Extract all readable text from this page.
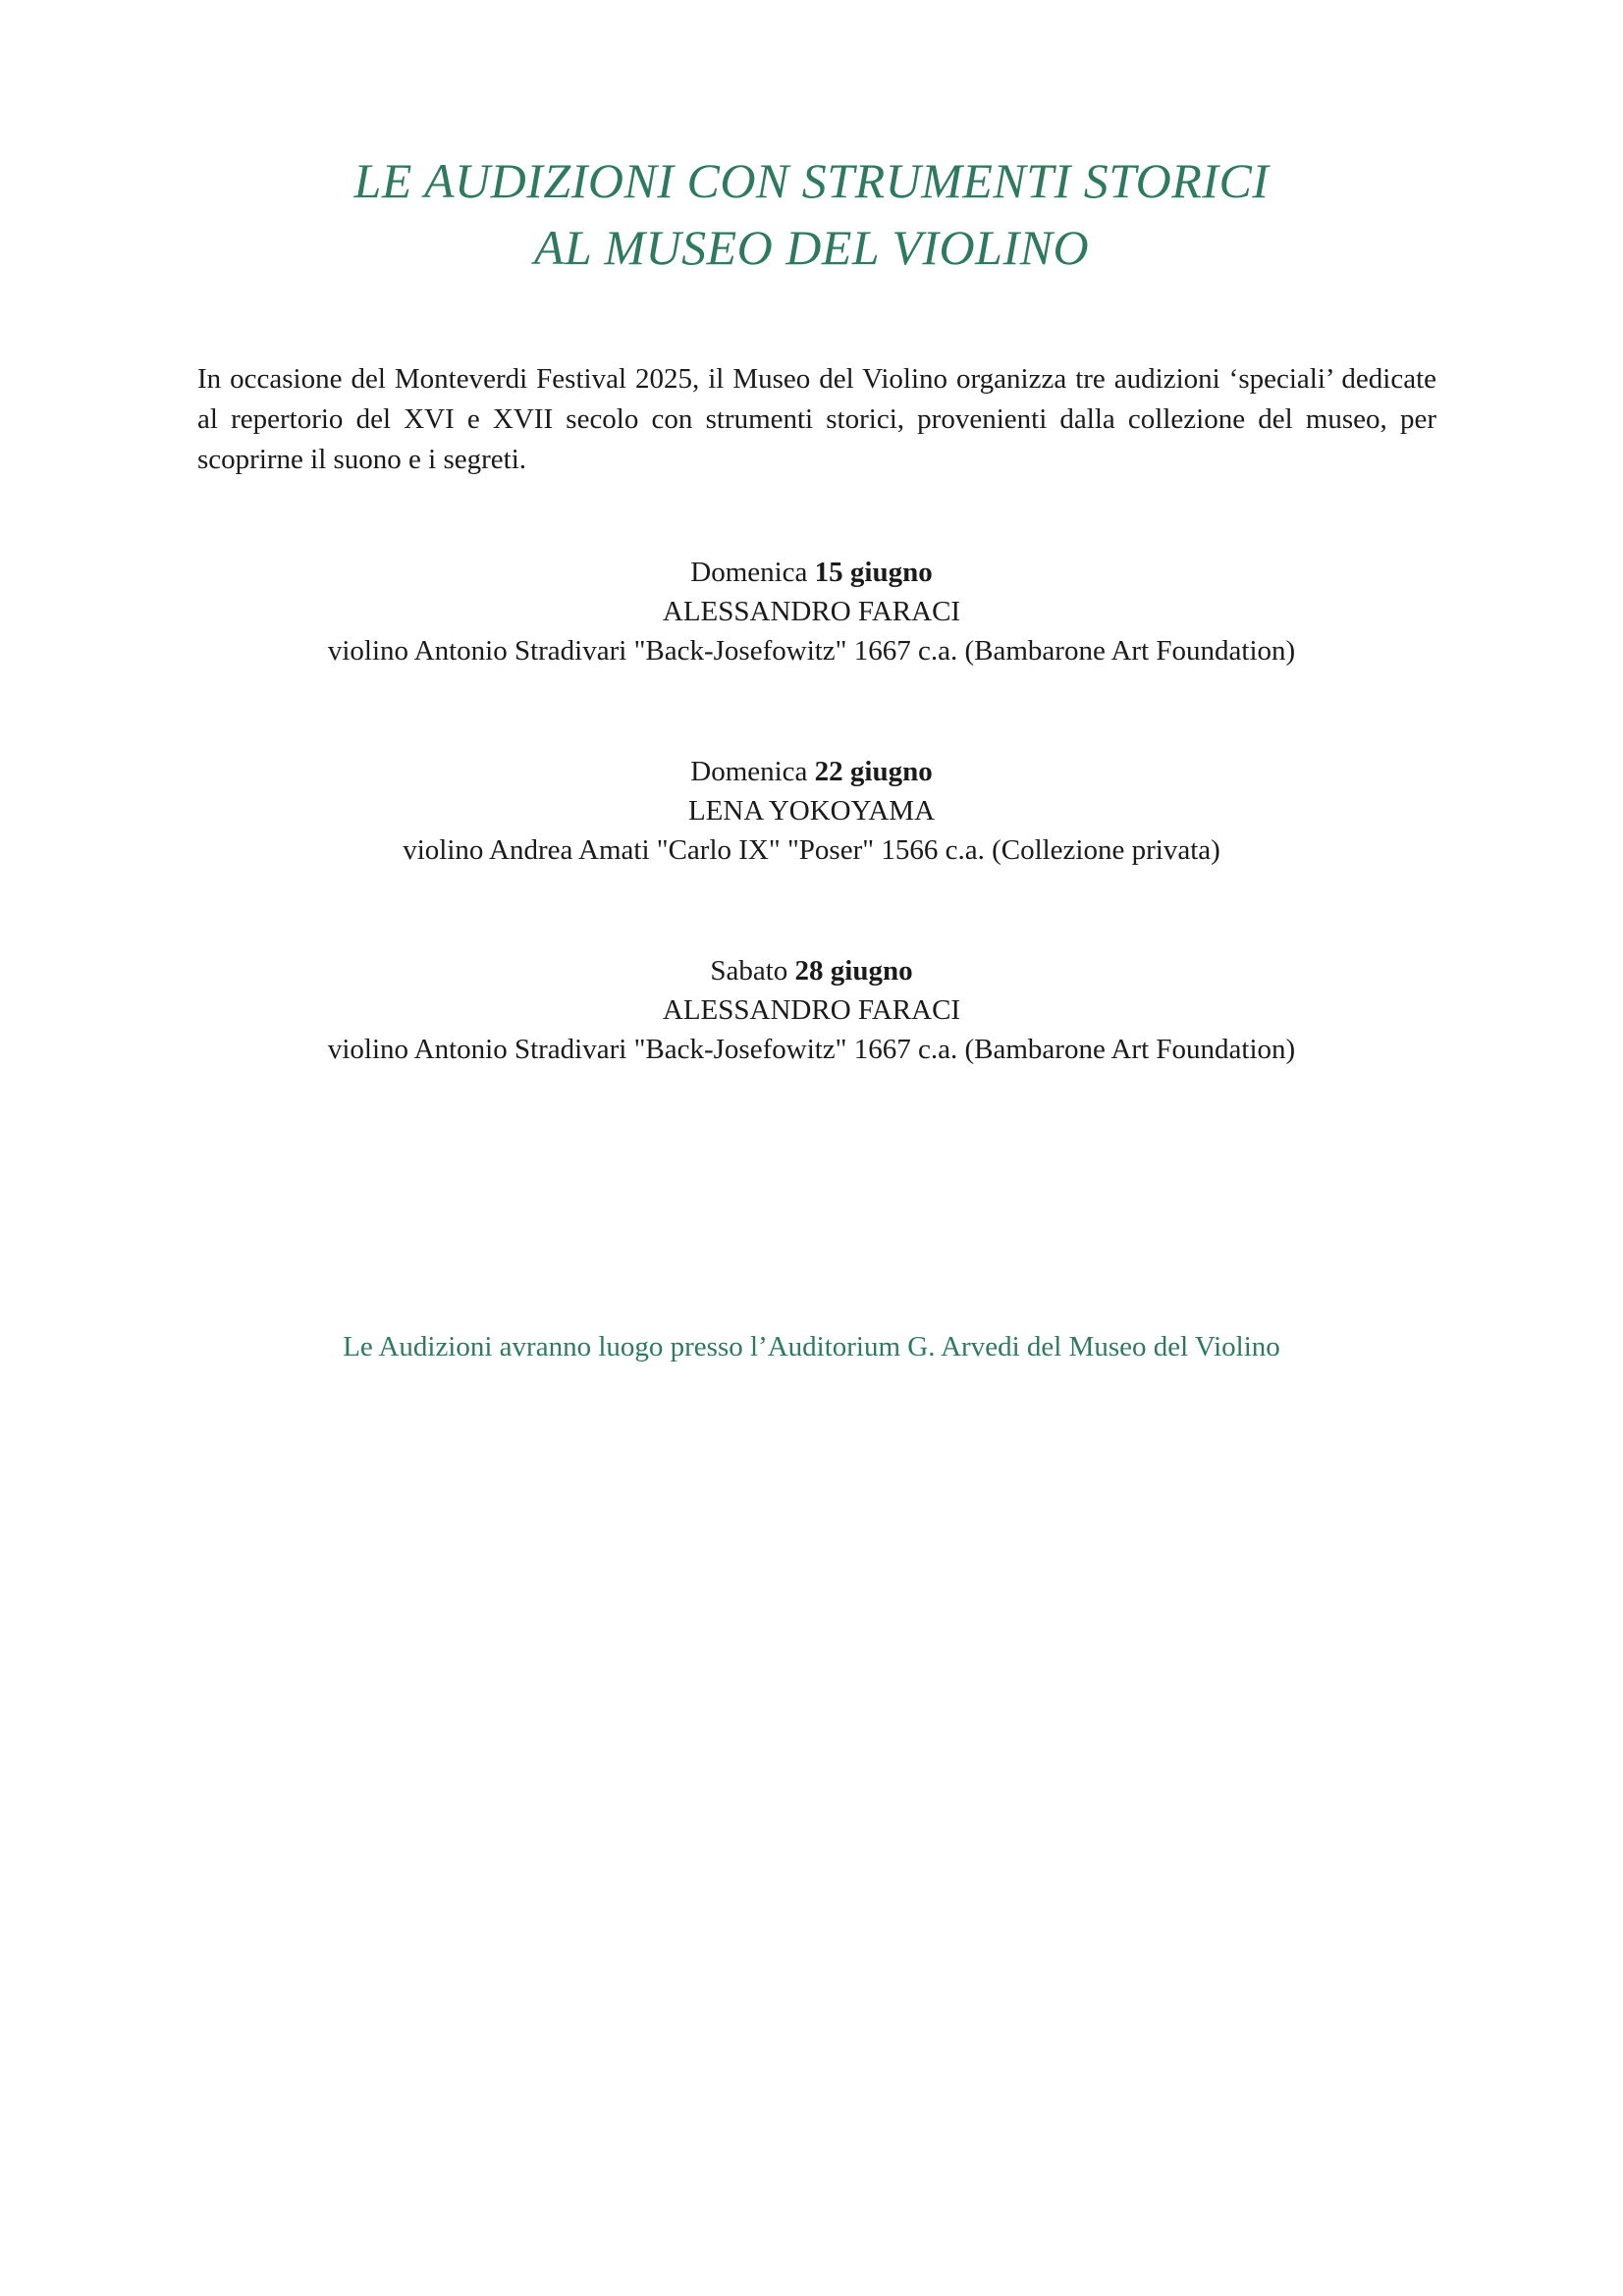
LE AUDIZIONI CON STRUMENTI STORICI
AL MUSEO DEL VIOLINO

In occasione del Monteverdi Festival 2025, il Museo del Violino organizza tre audizioni ‘speciali’ dedicate al repertorio del XVI e XVII secolo con strumenti storici, provenienti dalla collezione del museo, per scoprirne il suono e i segreti.

Domenica 15 giugno
ALESSANDRO FARACI
violino Antonio Stradivari "Back-Josefowitz" 1667 c.a. (Bambarone Art Foundation)
Domenica 22 giugno
LENA YOKOYAMA
violino Andrea Amati "Carlo IX" "Poser" 1566 c.a. (Collezione privata)
Sabato 28 giugno
ALESSANDRO FARACI
violino Antonio Stradivari "Back-Josefowitz" 1667 c.a. (Bambarone Art Foundation)

Le Audizioni avranno luogo presso l’Auditorium G. Arvedi del Museo del Violino
